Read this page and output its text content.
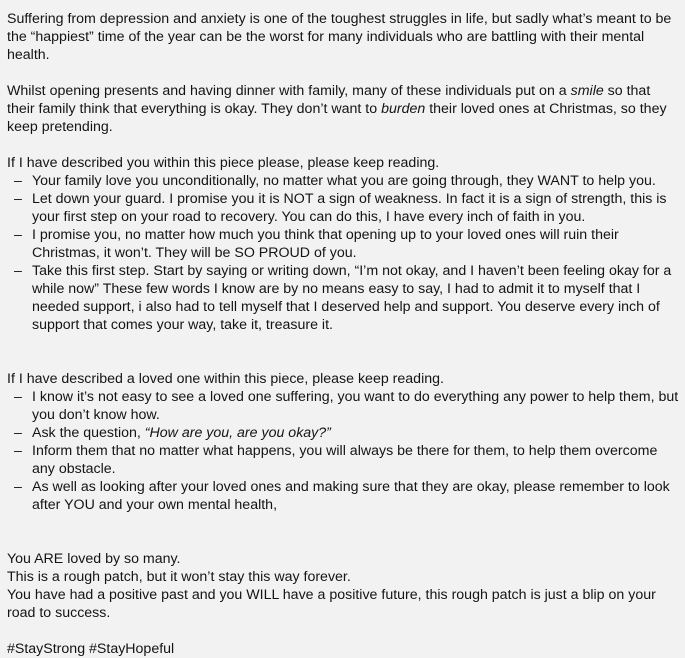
Suffering from depression and anxiety is one of the toughest struggles in life, but sadly what’s meant to be the “happiest” time of the year can be the worst for many individuals who are battling with their mental health.

Whilst opening presents and having dinner with family, many of these individuals put on a smile so that their family think that everything is okay. They don’t want to burden their loved ones at Christmas, so they keep pretending.

If I have described you within this piece please, please keep reading.

– Your family love you unconditionally, no matter what you are going through, they WANT to help you.
– Let down your guard. I promise you it is NOT a sign of weakness. In fact it is a sign of strength, this is your first step on your road to recovery. You can do this, I have every inch of faith in you.
– I promise you, no matter how much you think that opening up to your loved ones will ruin their Christmas, it won’t. They will be SO PROUD of you.
– Take this first step. Start by saying or writing down, “I’m not okay, and I haven’t been feeling okay for a while now” These few words I know are by no means easy to say, I had to admit it to myself that I needed support, i also had to tell myself that I deserved help and support. You deserve every inch of support that comes your way, take it, treasure it.

If I have described a loved one within this piece, please keep reading.

– I know it’s not easy to see a loved one suffering, you want to do everything any power to help them, but you don’t know how.
– Ask the question, “How are you, are you okay?”
– Inform them that no matter what happens, you will always be there for them, to help them overcome any obstacle.
– As well as looking after your loved ones and making sure that they are okay, please remember to look after YOU and your own mental health,

You ARE loved by so many.

This is a rough patch, but it won’t stay this way forever.

You have had a positive past and you WILL have a positive future, this rough patch is just a blip on your road to success.

#StayStrong #StayHopeful
